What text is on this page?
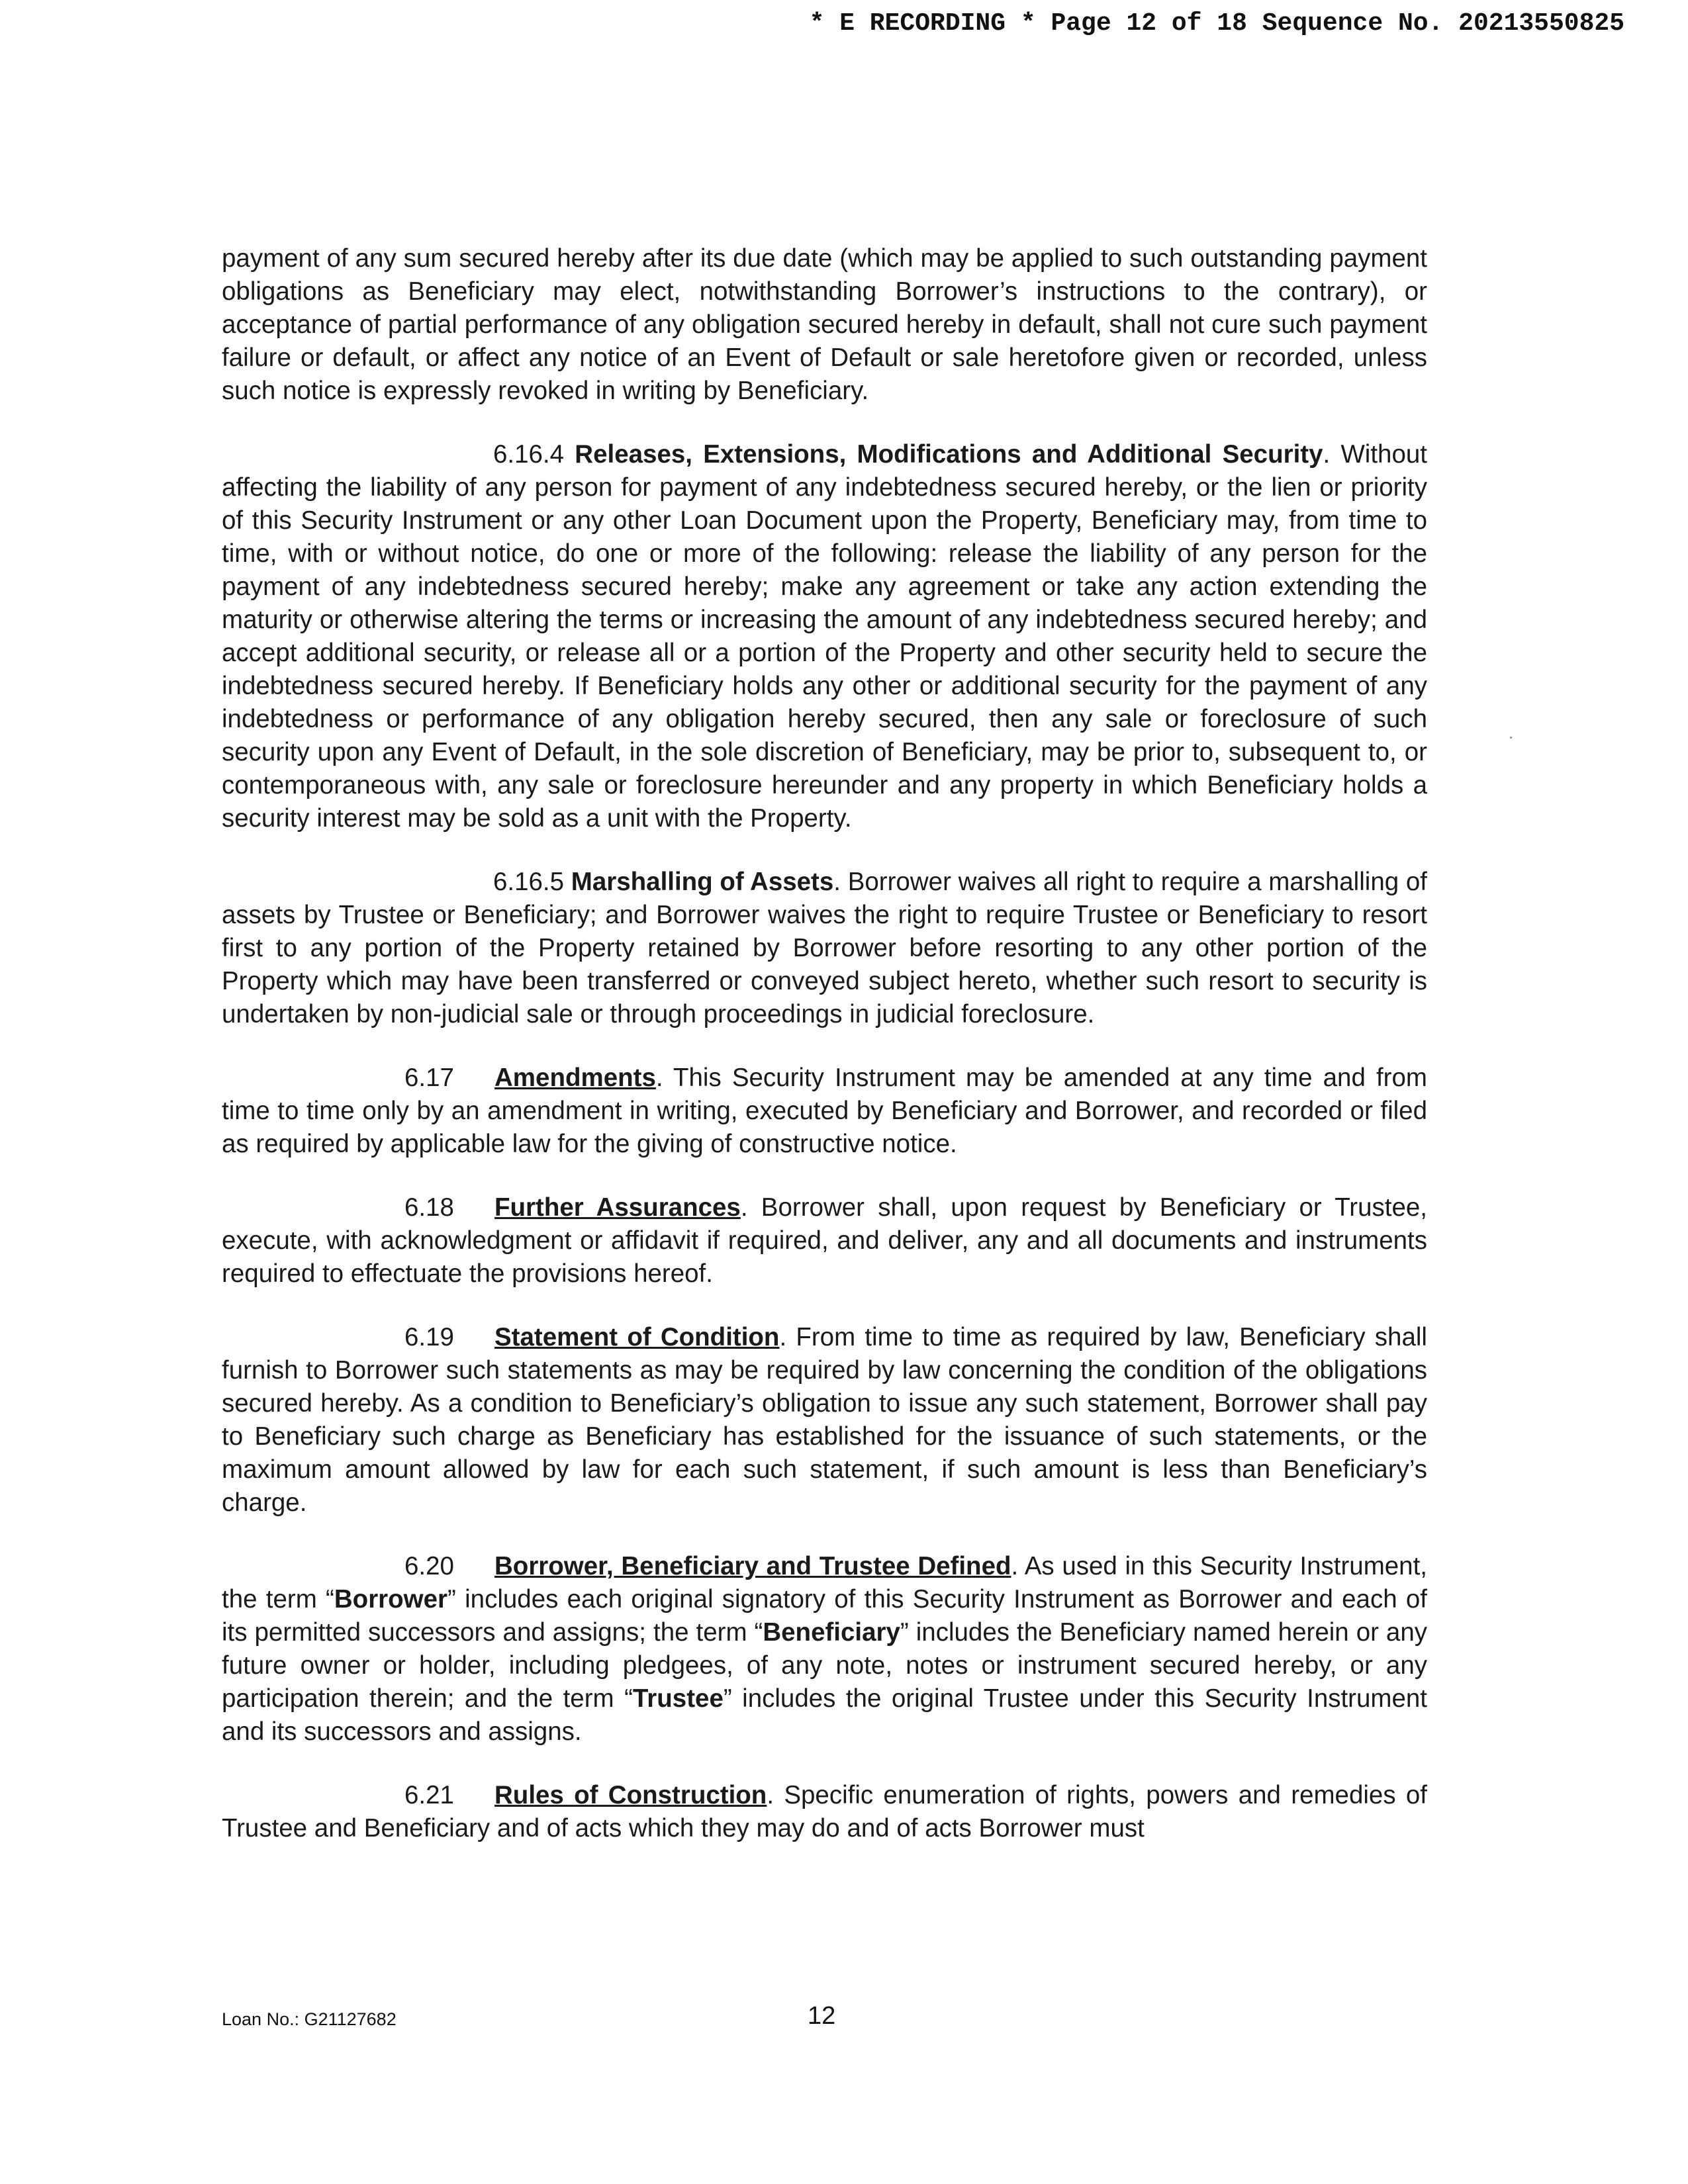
* E RECORDING * Page 12 of 18 Sequence No. 20213550825

payment of any sum secured hereby after its due date (which may be applied to such outstanding payment obligations as Beneficiary may elect, notwithstanding Borrower’s instructions to the contrary), or acceptance of partial performance of any obligation secured hereby in default, shall not cure such payment failure or default, or affect any notice of an Event of Default or sale heretofore given or recorded, unless such notice is expressly revoked in writing by Beneficiary.

6.16.4 Releases, Extensions, Modifications and Additional Security. Without affecting the liability of any person for payment of any indebtedness secured hereby, or the lien or priority of this Security Instrument or any other Loan Document upon the Property, Beneficiary may, from time to time, with or without notice, do one or more of the following: release the liability of any person for the payment of any indebtedness secured hereby; make any agreement or take any action extending the maturity or otherwise altering the terms or increasing the amount of any indebtedness secured hereby; and accept additional security, or release all or a portion of the Property and other security held to secure the indebtedness secured hereby. If Beneficiary holds any other or additional security for the payment of any indebtedness or performance of any obligation hereby secured, then any sale or foreclosure of such security upon any Event of Default, in the sole discretion of Beneficiary, may be prior to, subsequent to, or contemporaneous with, any sale or foreclosure hereunder and any property in which Beneficiary holds a security interest may be sold as a unit with the Property.

6.16.5 Marshalling of Assets. Borrower waives all right to require a marshalling of assets by Trustee or Beneficiary; and Borrower waives the right to require Trustee or Beneficiary to resort first to any portion of the Property retained by Borrower before resorting to any other portion of the Property which may have been transferred or conveyed subject hereto, whether such resort to security is undertaken by non-judicial sale or through proceedings in judicial foreclosure.

6.17 Amendments. This Security Instrument may be amended at any time and from time to time only by an amendment in writing, executed by Beneficiary and Borrower, and recorded or filed as required by applicable law for the giving of constructive notice.

6.18 Further Assurances. Borrower shall, upon request by Beneficiary or Trustee, execute, with acknowledgment or affidavit if required, and deliver, any and all documents and instruments required to effectuate the provisions hereof.

6.19 Statement of Condition. From time to time as required by law, Beneficiary shall furnish to Borrower such statements as may be required by law concerning the condition of the obligations secured hereby. As a condition to Beneficiary’s obligation to issue any such statement, Borrower shall pay to Beneficiary such charge as Beneficiary has established for the issuance of such statements, or the maximum amount allowed by law for each such statement, if such amount is less than Beneficiary’s charge.

6.20 Borrower, Beneficiary and Trustee Defined. As used in this Security Instrument, the term “Borrower” includes each original signatory of this Security Instrument as Borrower and each of its permitted successors and assigns; the term “Beneficiary” includes the Beneficiary named herein or any future owner or holder, including pledgees, of any note, notes or instrument secured hereby, or any participation therein; and the term “Trustee” includes the original Trustee under this Security Instrument and its successors and assigns.

6.21 Rules of Construction. Specific enumeration of rights, powers and remedies of Trustee and Beneficiary and of acts which they may do and of acts Borrower must

Loan No.: G21127682	12
